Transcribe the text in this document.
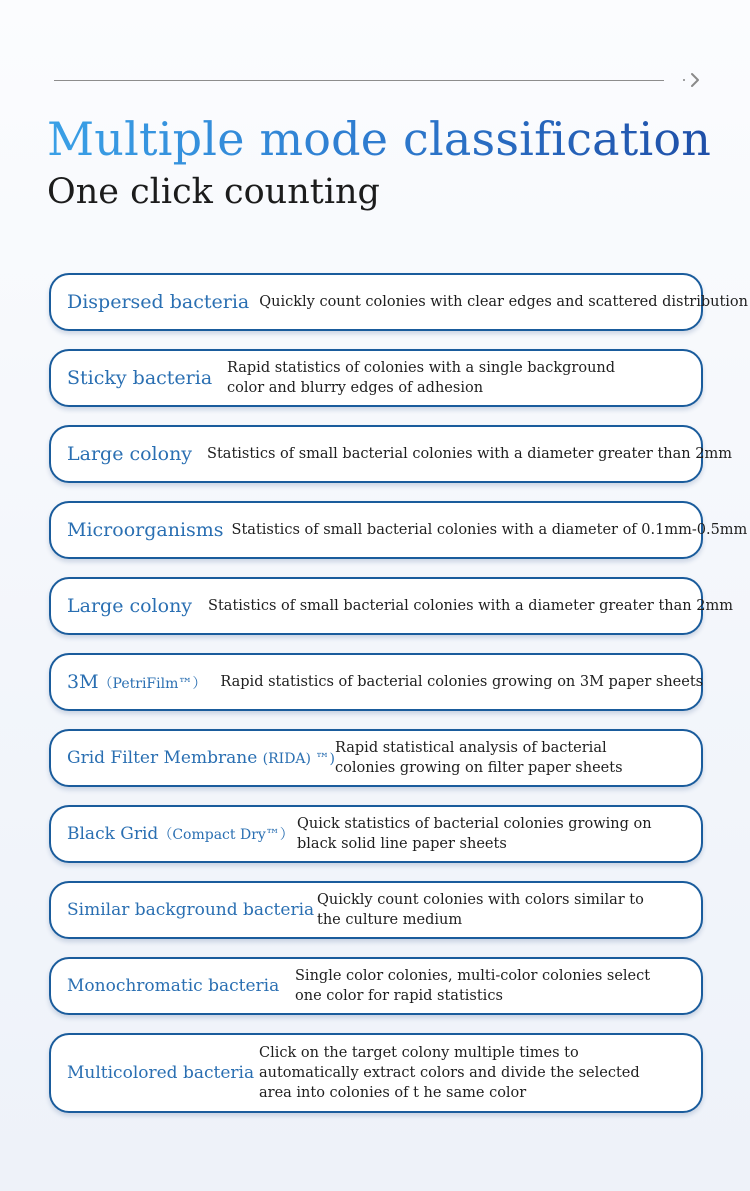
Multiple mode classification
One click counting
Dispersed bacteria Quickly count colonies with clear edges and scattered distribution
Sticky bacteria	Rapid statistics of colonies with a single background color and blurry edges of adhesion
Large colony Statistics of small bacterial colonies with a diameter greater than 2mm
Microorganisms Statistics of small bacterial colonies with a diameter of 0.1mm-0.5mm
Large colony Statistics of small bacterial colonies with a diameter greater than 2mm
3M（PetriFilm™） Rapid statistics of bacterial colonies growing on 3M paper sheets
Grid Filter Membrane (RIDA) ™)
Rapid statistical analysis of bacterial colonies growing on filter paper sheets
Black Grid（Compact Dry™）
Quick statistics of bacterial colonies growing on black solid line paper sheets
Similar background bacteria Quickly count colonies with colors similar to the culture medium
Monochromatic bacteria	Single color colonies, multi-color colonies select one color for rapid statistics
Multicolored bacteria
Click on the target colony multiple times to automatically extract colors and divide the selected area into colonies of t he same color
